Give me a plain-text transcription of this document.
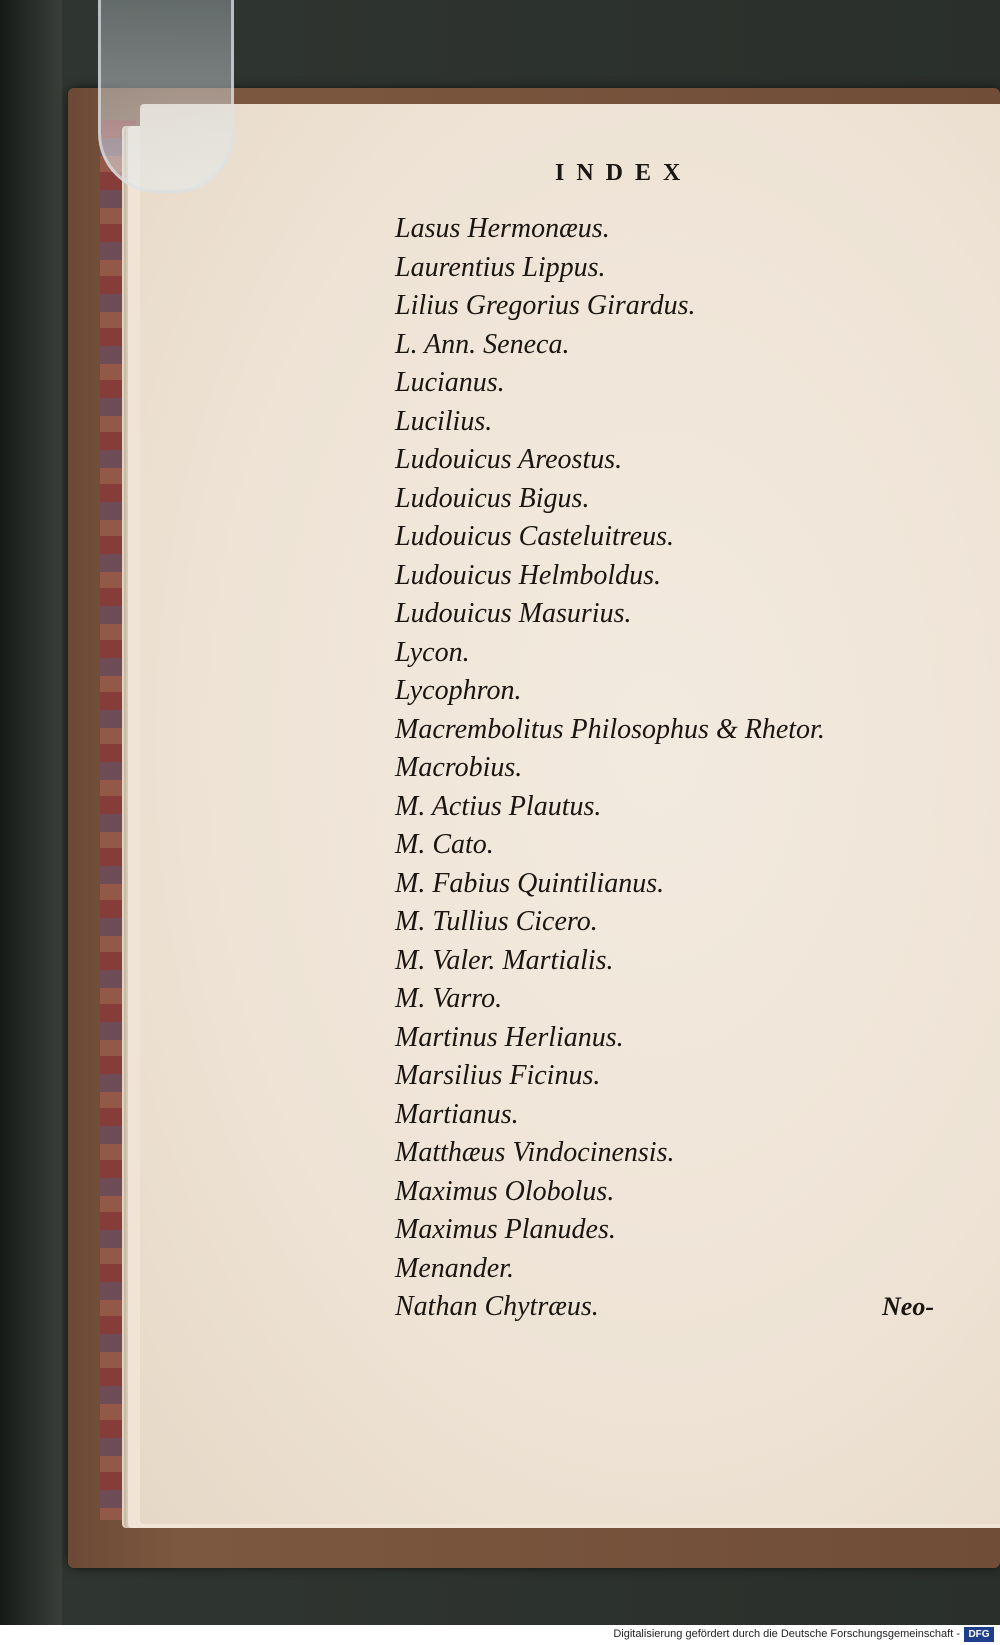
INDEX
Lasus Hermonæus.
Laurentius Lippus.
Lilius Gregorius Girardus.
L. Ann. Seneca.
Lucianus.
Lucilius.
Ludouicus Areostus.
Ludouicus Bigus.
Ludouicus Casteluitreus.
Ludouicus Helmboldus.
Ludouicus Masurius.
Lycon.
Lycophron.
Macrembolitus Philosophus & Rhetor.
Macrobius.
M. Actius Plautus.
M. Cato.
M. Fabius Quintilianus.
M. Tullius Cicero.
M. Valer. Martialis.
M. Varro.
Martinus Herlianus.
Marsilius Ficinus.
Martianus.
Matthæus Vindocinensis.
Maximus Olobolus.
Maximus Planudes.
Menander.
Nathan Chytræus.	Neo-
Digitalisierung gefördert durch die Deutsche Forschungsgemeinschaft - DFG
